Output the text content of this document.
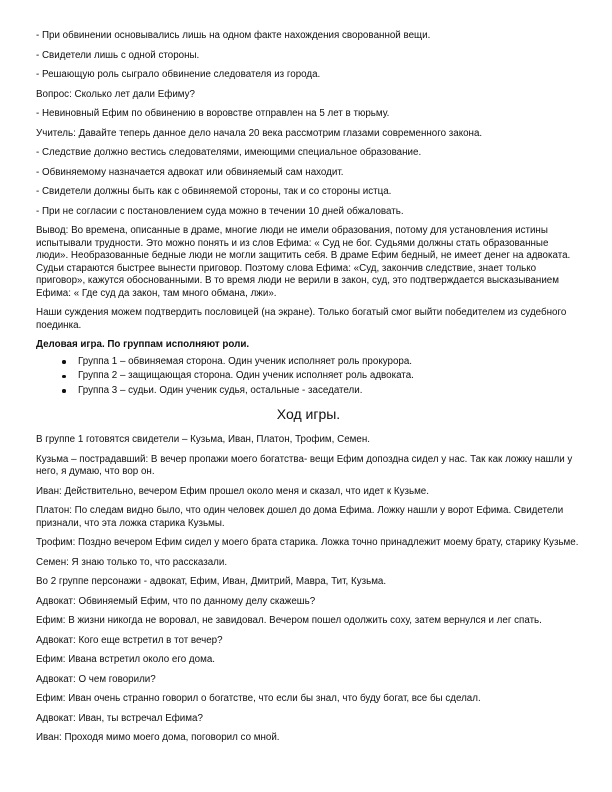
- При обвинении основывались лишь на одном факте нахождения своровaнной вещи.

- Свидетели лишь с одной стороны.

- Решающую роль сыграло обвинение следователя из города.

Вопрос: Сколько лет дали Ефиму?

- Невиновный Ефим по обвинению в воровстве отправлен на 5 лет в тюрьму.

Учитель: Давайте теперь данное дело начала 20 века рассмотрим глазами современного закона.

- Следствие должно вестись следователями, имеющими специальное образование.

- Обвиняемому назначается адвокат или обвиняемый сам находит.

- Свидетели должны быть как с обвиняемой стороны, так и со стороны истца.

- При не согласии с постановлением суда можно в течении 10 дней обжаловать.

Вывод: Во времена, описанные в драме, многие люди не имели образования, потому для установления истины испытывали трудности. Это можно понять и из слов Ефима: « Суд не бог. Судьями должны стать образованные люди». Необразованные бедные люди не могли защитить себя. В драме Ефим бедный, не имеет денег на адвоката. Судьи стараются быстрее вынести приговор. Поэтому слова Ефима: «Суд, закончив следствие, знает только приговор», кажутся обоснованными. В то время люди не верили в закон, суд, это подтверждается высказыванием Ефима: « Где суд да закон, там много обмана, лжи».

Наши суждения можем подтвердить пословицей (на экране). Только богатый смог выйти победителем из судебного поединка.

Деловая игра. По группам исполняют роли.

Группа 1 – обвиняемая сторона. Один ученик исполняет роль прокурора.
Группа 2 – защищающая сторона. Один ученик исполняет роль адвоката.
Группа 3 – судьи. Один ученик судья, остальные - заседатели.
Ход игры.

В группе 1 готовятся свидетели – Кузьма, Иван, Платон, Трофим, Семен.

Кузьма – пострадавший: В вечер пропажи моего богатства- вещи Ефим допоздна сидел у нас. Так как ложку нашли у него, я думаю, что вор он.

Иван: Действительно, вечером Ефим прошел около меня и сказал, что идет к Кузьме.

Платон: По следам видно было, что один человек дошел до дома Ефима. Ложку нашли у ворот Ефима. Свидетели признали, что эта ложка старика Кузьмы.

Трофим: Поздно вечером Ефим сидел у моего брата старика. Ложка точно принадлежит моему брату, старику Кузьме.

Семен: Я знаю только то, что рассказали.

Во 2 группе персонажи - адвокат, Ефим, Иван, Дмитрий, Мавра, Тит, Кузьма.

Адвокат: Обвиняемый Ефим, что по данному делу скажешь?

Ефим: В жизни никогда не воровал, не завидовал. Вечером пошел одолжить соху, затем вернулся и лег спать.

Адвокат: Кого еще встретил в тот вечер?

Ефим: Ивана встретил около его дома.

Адвокат: О чем говорили?

Ефим: Иван очень странно говорил о богатстве, что если бы знал, что буду богат, все бы сделал.

Адвокат: Иван, ты встречал Ефима?

Иван: Проходя мимо моего дома, поговорил со мной.
